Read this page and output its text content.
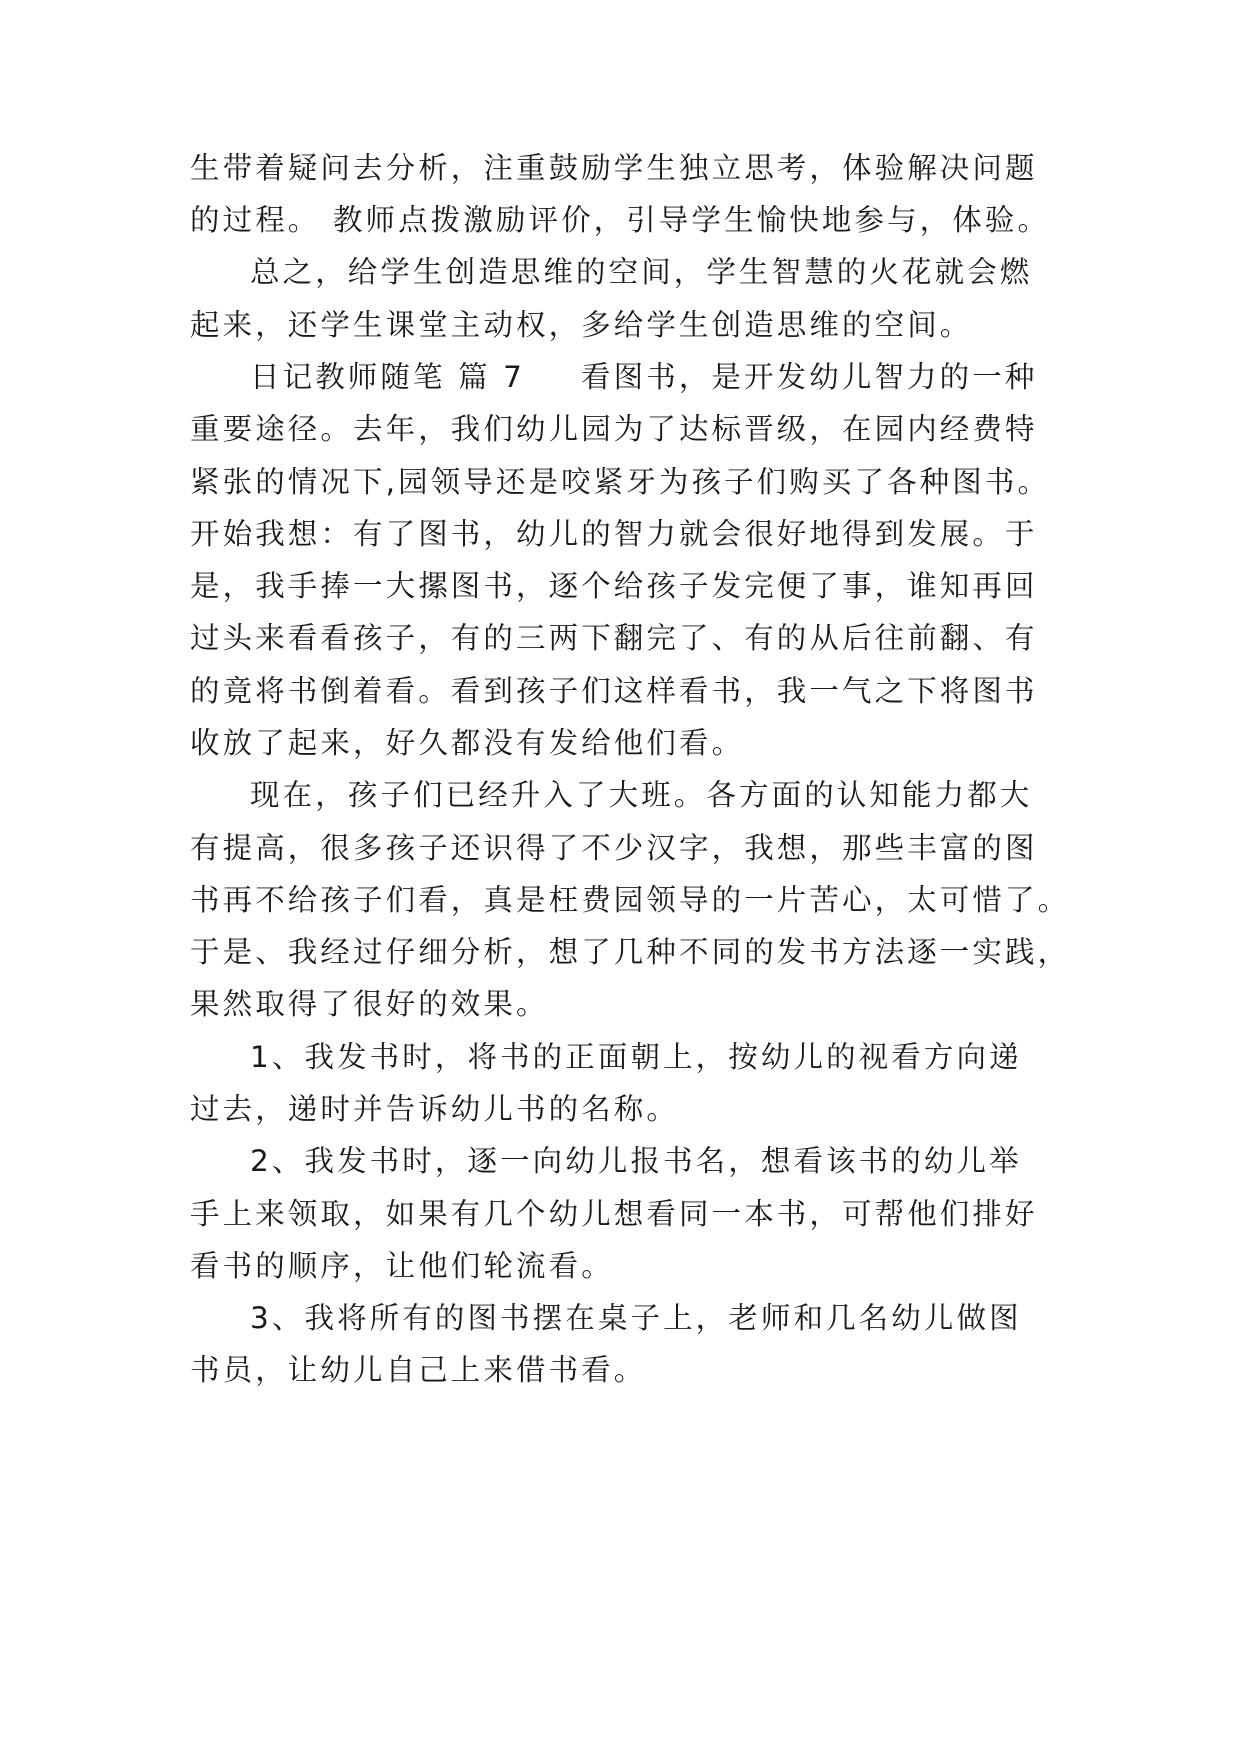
生带着疑问去分析，注重鼓励学生独立思考，体验解决问题
的过程。 教师点拨激励评价，引导学生愉快地参与，体验。
总之，给学生创造思维的空间，学生智慧的火花就会燃
起来，还学生课堂主动权，多给学生创造思维的空间。
日记教师随笔 篇 7 看图书，是开发幼儿智力的一种
重要途径。去年，我们幼儿园为了达标晋级，在园内经费特
紧张的情况下,园领导还是咬紧牙为孩子们购买了各种图书。
开始我想：有了图书，幼儿的智力就会很好地得到发展。于
是，我手捧一大摞图书，逐个给孩子发完便了事，谁知再回
过头来看看孩子，有的三两下翻完了、有的从后往前翻、有
的竟将书倒着看。看到孩子们这样看书，我一气之下将图书
收放了起来，好久都没有发给他们看。
现在，孩子们已经升入了大班。各方面的认知能力都大
有提高，很多孩子还识得了不少汉字，我想，那些丰富的图
书再不给孩子们看，真是枉费园领导的一片苦心，太可惜了。
于是、我经过仔细分析，想了几种不同的发书方法逐一实践，
果然取得了很好的效果。
1、我发书时，将书的正面朝上，按幼儿的视看方向递
过去，递时并告诉幼儿书的名称。
2、我发书时，逐一向幼儿报书名，想看该书的幼儿举
手上来领取，如果有几个幼儿想看同一本书，可帮他们排好
看书的顺序，让他们轮流看。
3、我将所有的图书摆在桌子上，老师和几名幼儿做图
书员，让幼儿自己上来借书看。
